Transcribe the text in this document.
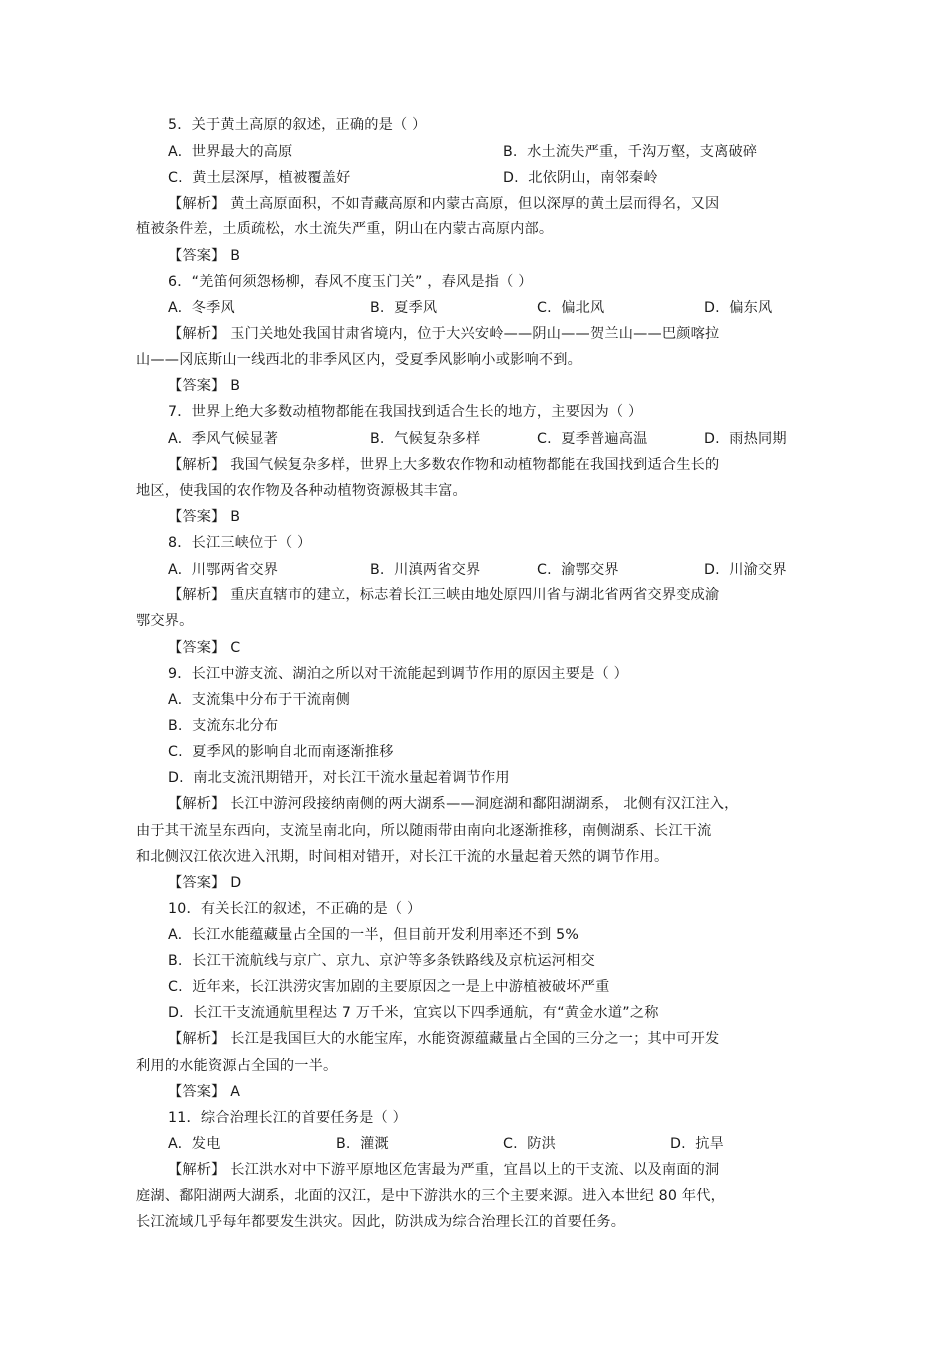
5．关于黄土高原的叙述，正确的是（ ）
A.  世界最大的高原	B.  水土流失严重，千沟万壑，支离破碎
C.  黄土层深厚，植被覆盖好	D.  北依阴山，南邻秦岭
【解析】 黄土高原面积，不如青藏高原和内蒙古高原，但以深厚的黄土层而得名，又因
植被条件差，土质疏松，水土流失严重，阴山在内蒙古高原内部。
【答案】 B
6．“羌笛何须怨杨柳，春风不度玉门关” ，春风是指（ ）
A.  冬季风	B.  夏季风	C.  偏北风	D.  偏东风
【解析】 玉门关地处我国甘肃省境内，位于大兴安岭——阴山——贺兰山——巴颜喀拉
山——冈底斯山一线西北的非季风区内，受夏季风影响小或影响不到。
【答案】 B
7．世界上绝大多数动植物都能在我国找到适合生长的地方，主要因为（ ）
A.  季风气候显著	B.  气候复杂多样	C.  夏季普遍高温	D.  雨热同期
【解析】 我国气候复杂多样，世界上大多数农作物和动植物都能在我国找到适合生长的
地区，使我国的农作物及各种动植物资源极其丰富。
【答案】 B
8．长江三峡位于（ ）
A.  川鄂两省交界	B.  川滇两省交界	C.  渝鄂交界	D.  川渝交界
【解析】 重庆直辖市的建立，标志着长江三峡由地处原四川省与湖北省两省交界变成渝
鄂交界。
【答案】 C
9．长江中游支流、湖泊之所以对干流能起到调节作用的原因主要是（ ）
A.  支流集中分布于干流南侧
B.  支流东北分布
C.  夏季风的影响自北而南逐渐推移
D.  南北支流汛期错开，对长江干流水量起着调节作用
【解析】 长江中游河段接纳南侧的两大湖系——洞庭湖和鄱阳湖湖系， 北侧有汉江注入，
由于其干流呈东西向，支流呈南北向，所以随雨带由南向北逐渐推移，南侧湖系、长江干流
和北侧汉江依次进入汛期，时间相对错开，对长江干流的水量起着天然的调节作用。
【答案】 D
10．有关长江的叙述，不正确的是（ ）
A.  长江水能蕴藏量占全国的一半，但目前开发利用率还不到 5%
B.  长江干流航线与京广、京九、京沪等多条铁路线及京杭运河相交
C.  近年来，长江洪涝灾害加剧的主要原因之一是上中游植被破坏严重
D.  长江干支流通航里程达 7 万千米，宜宾以下四季通航，有“黄金水道”之称
【解析】 长江是我国巨大的水能宝库，水能资源蕴藏量占全国的三分之一；其中可开发
利用的水能资源占全国的一半。
【答案】 A
11．综合治理长江的首要任务是（ ）
A.  发电	B.  灌溉	C.  防洪	D.  抗旱
【解析】 长江洪水对中下游平原地区危害最为严重，宜昌以上的干支流、以及南面的洞
庭湖、鄱阳湖两大湖系，北面的汉江，是中下游洪水的三个主要来源。进入本世纪 80 年代，
长江流域几乎每年都要发生洪灾。因此，防洪成为综合治理长江的首要任务。
